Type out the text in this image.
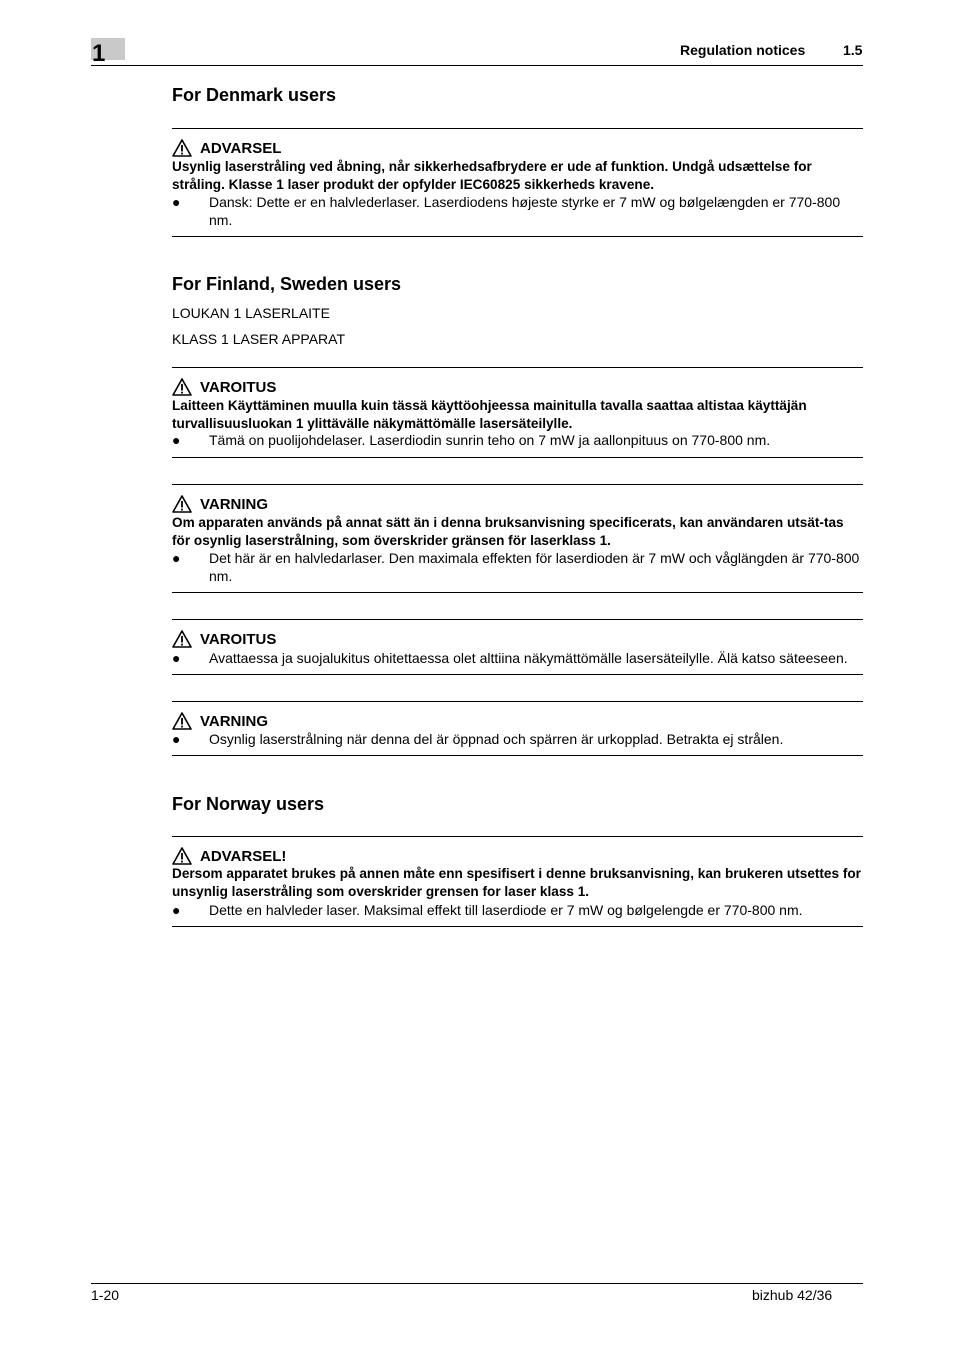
1	Regulation notices	1.5
For Denmark users
ADVARSEL
Usynlig laserstråling ved åbning, når sikkerhedsafbrydere er ude af funktion. Undgå udsættelse for stråling. Klasse 1 laser produkt der opfylder IEC60825 sikkerheds kravene.
● Dansk: Dette er en halvlederlaser. Laserdiodens højeste styrke er 7 mW og bølgelængden er 770-800 nm.
For Finland, Sweden users
LOUKAN 1 LASERLAITE
KLASS 1 LASER APPARAT
VAROITUS
Laitteen Käyttäminen muulla kuin tässä käyttöohjeessa mainitulla tavalla saattaa altistaa käyttäjän turvallisuusluokan 1 ylittävälle näkymättömälle lasersäteilylle.
● Tämä on puolijohdelaser. Laserdiodin sunrin teho on 7 mW ja aallonpituus on 770-800 nm.
VARNING
Om apparaten används på annat sätt än i denna bruksanvisning specificerats, kan användaren utsät-tas för osynlig laserstrålning, som överskrider gränsen för laserklass 1.
● Det här är en halvledarlaser. Den maximala effekten för laserdioden är 7 mW och våglängden är 770-800 nm.
VAROITUS
● Avattaessa ja suojalukitus ohitettaessa olet alttiina näkymättömälle lasersäteilylle. Älä katso säteeseen.
VARNING
● Osynlig laserstrålning när denna del är öppnad och spärren är urkopplad. Betrakta ej strålen.
For Norway users
ADVARSEL!
Dersom apparatet brukes på annen måte enn spesifisert i denne bruksanvisning, kan brukeren utsettes for unsynlig laserstråling som overskrider grensen for laser klass 1.
● Dette en halvleder laser. Maksimal effekt till laserdiode er 7 mW og bølgelengde er 770-800 nm.
1-20	bizhub 42/36
